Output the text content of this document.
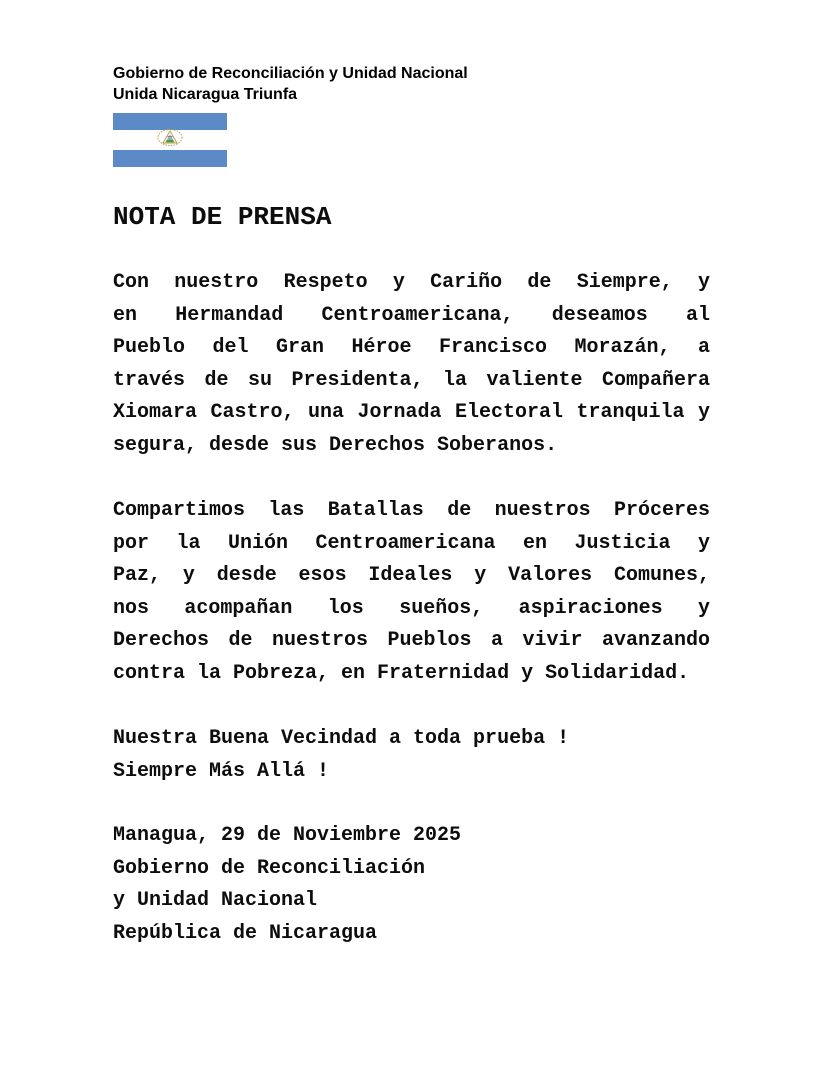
Gobierno de Reconciliación y Unidad Nacional
Unida Nicaragua Triunfa
NOTA DE PRENSA
Con nuestro Respeto y Cariño de Siempre, y
en Hermandad Centroamericana, deseamos al
Pueblo del Gran Héroe Francisco Morazán, a
través de su Presidenta, la valiente Compañera
Xiomara Castro, una Jornada Electoral tranquila y
segura, desde sus Derechos Soberanos.
Compartimos las Batallas de nuestros Próceres
por la Unión Centroamericana en Justicia y
Paz, y desde esos Ideales y Valores Comunes,
nos acompañan los sueños, aspiraciones y
Derechos de nuestros Pueblos a vivir avanzando
contra la Pobreza, en Fraternidad y Solidaridad.
Nuestra Buena Vecindad a toda prueba !
Siempre Más Allá !
Managua, 29 de Noviembre 2025
Gobierno de Reconciliación
y Unidad Nacional
República de Nicaragua
